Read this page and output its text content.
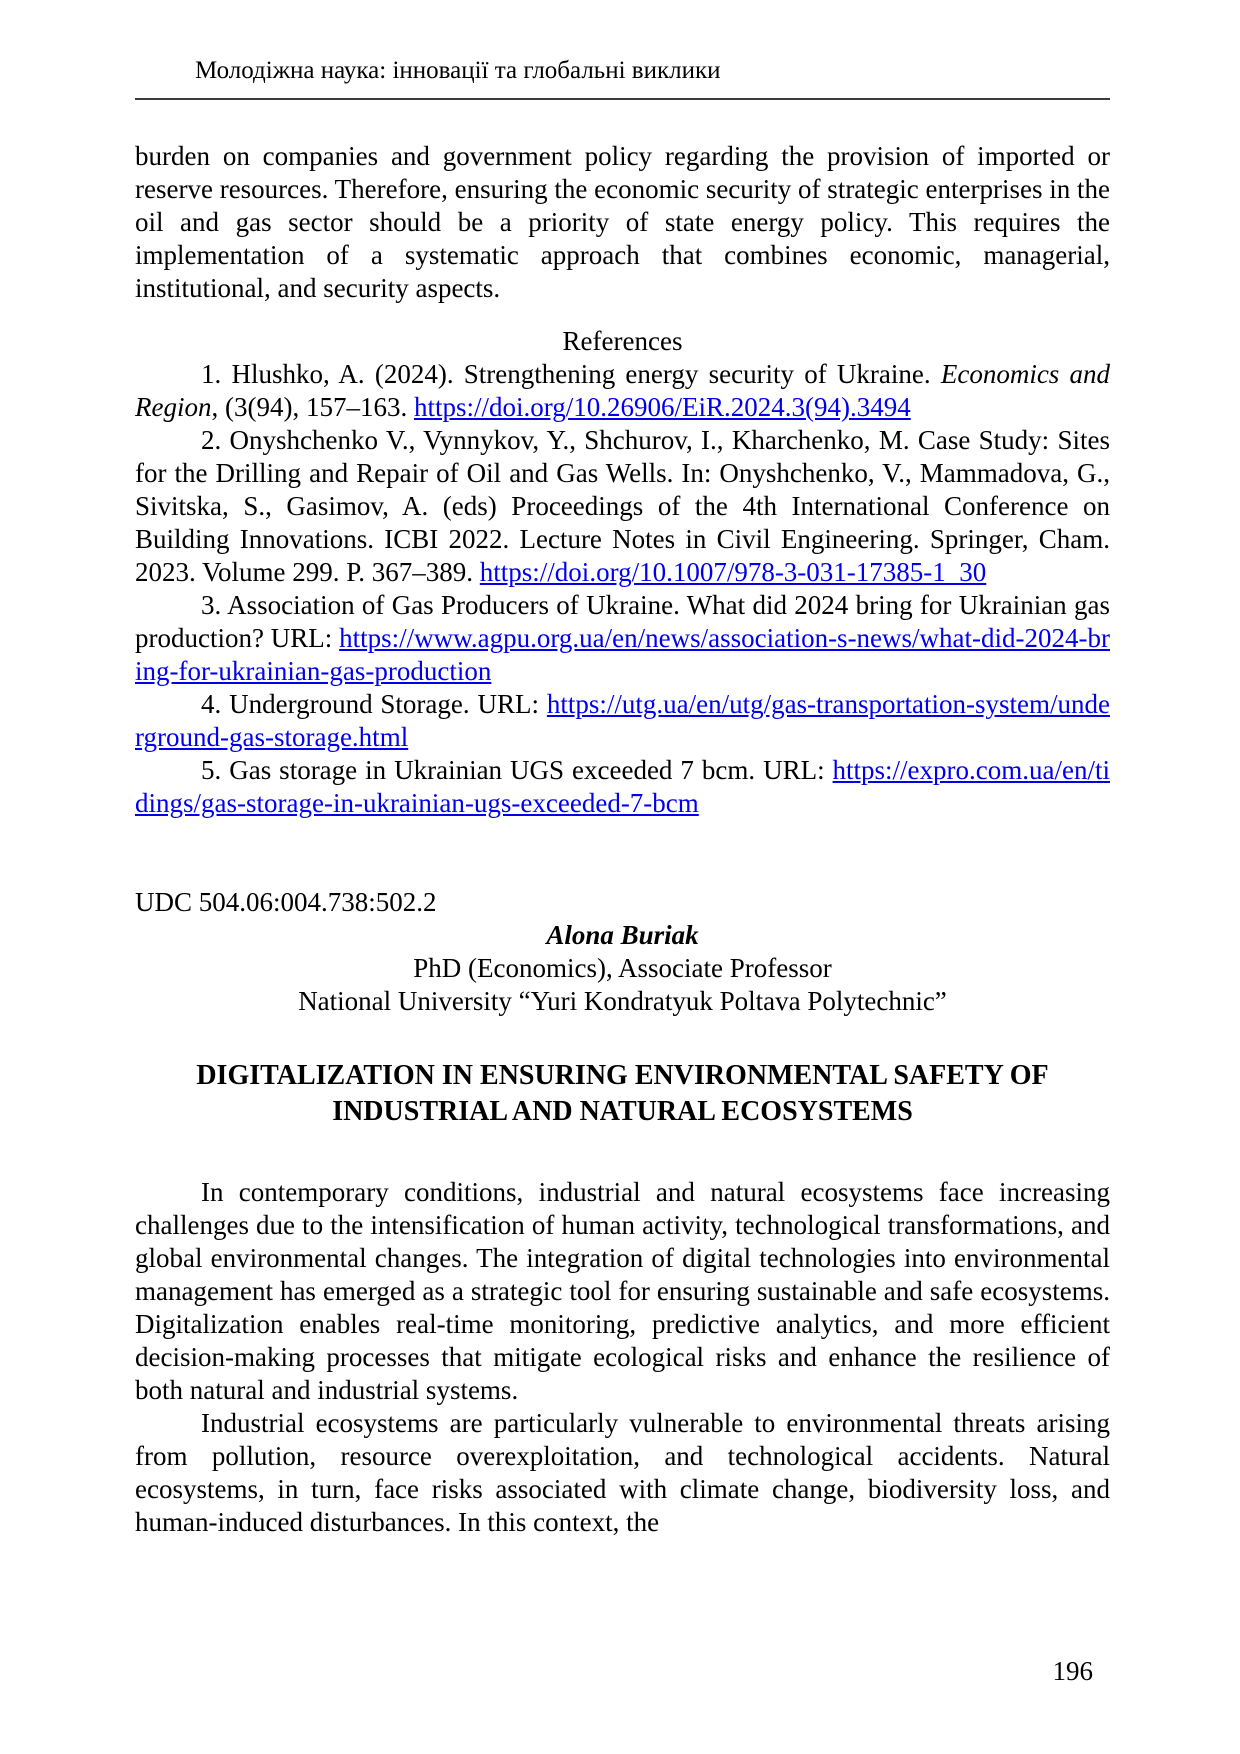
Молодіжна наука: інновації та глобальні виклики

burden on companies and government policy regarding the provision of imported or reserve resources. Therefore, ensuring the economic security of strategic enterprises in the oil and gas sector should be a priority of state energy policy. This requires the implementation of a systematic approach that combines economic, managerial, institutional, and security aspects.

References

1. Hlushko, A. (2024). Strengthening energy security of Ukraine. Economics and Region, (3(94), 157–163. https://doi.org/10.26906/EiR.2024.3(94).3494

2. Onyshchenko V., Vynnykov, Y., Shchurov, I., Kharchenko, M. Case Study: Sites for the Drilling and Repair of Oil and Gas Wells. In: Onyshchenko, V., Mammadova, G., Sivitska, S., Gasimov, A. (eds) Proceedings of the 4th International Conference on Building Innovations. ICBI 2022. Lecture Notes in Civil Engineering. Springer, Cham. 2023. Volume 299. P. 367–389. https://doi.org/10.1007/978-3-031-17385-1_30

3. Association of Gas Producers of Ukraine. What did 2024 bring for Ukrainian gas production? URL: https://www.agpu.org.ua/en/news/association-s-news/what-did-2024-bring-for-ukrainian-gas-production

4. Underground Storage. URL: https://utg.ua/en/utg/gas-transportation-system/underground-gas-storage.html

5. Gas storage in Ukrainian UGS exceeded 7 bcm. URL: https://expro.com.ua/en/tidings/gas-storage-in-ukrainian-ugs-exceeded-7-bcm

UDC 504.06:004.738:502.2

Alona Buriak

PhD (Economics), Associate Professor

National University “Yuri Kondratyuk Poltava Polytechnic”

DIGITALIZATION IN ENSURING ENVIRONMENTAL SAFETY OF INDUSTRIAL AND NATURAL ECOSYSTEMS

In contemporary conditions, industrial and natural ecosystems face increasing challenges due to the intensification of human activity, technological transformations, and global environmental changes. The integration of digital technologies into environmental management has emerged as a strategic tool for ensuring sustainable and safe ecosystems. Digitalization enables real-time monitoring, predictive analytics, and more efficient decision-making processes that mitigate ecological risks and enhance the resilience of both natural and industrial systems.

Industrial ecosystems are particularly vulnerable to environmental threats arising from pollution, resource overexploitation, and technological accidents. Natural ecosystems, in turn, face risks associated with climate change, biodiversity loss, and human-induced disturbances. In this context, the

196
